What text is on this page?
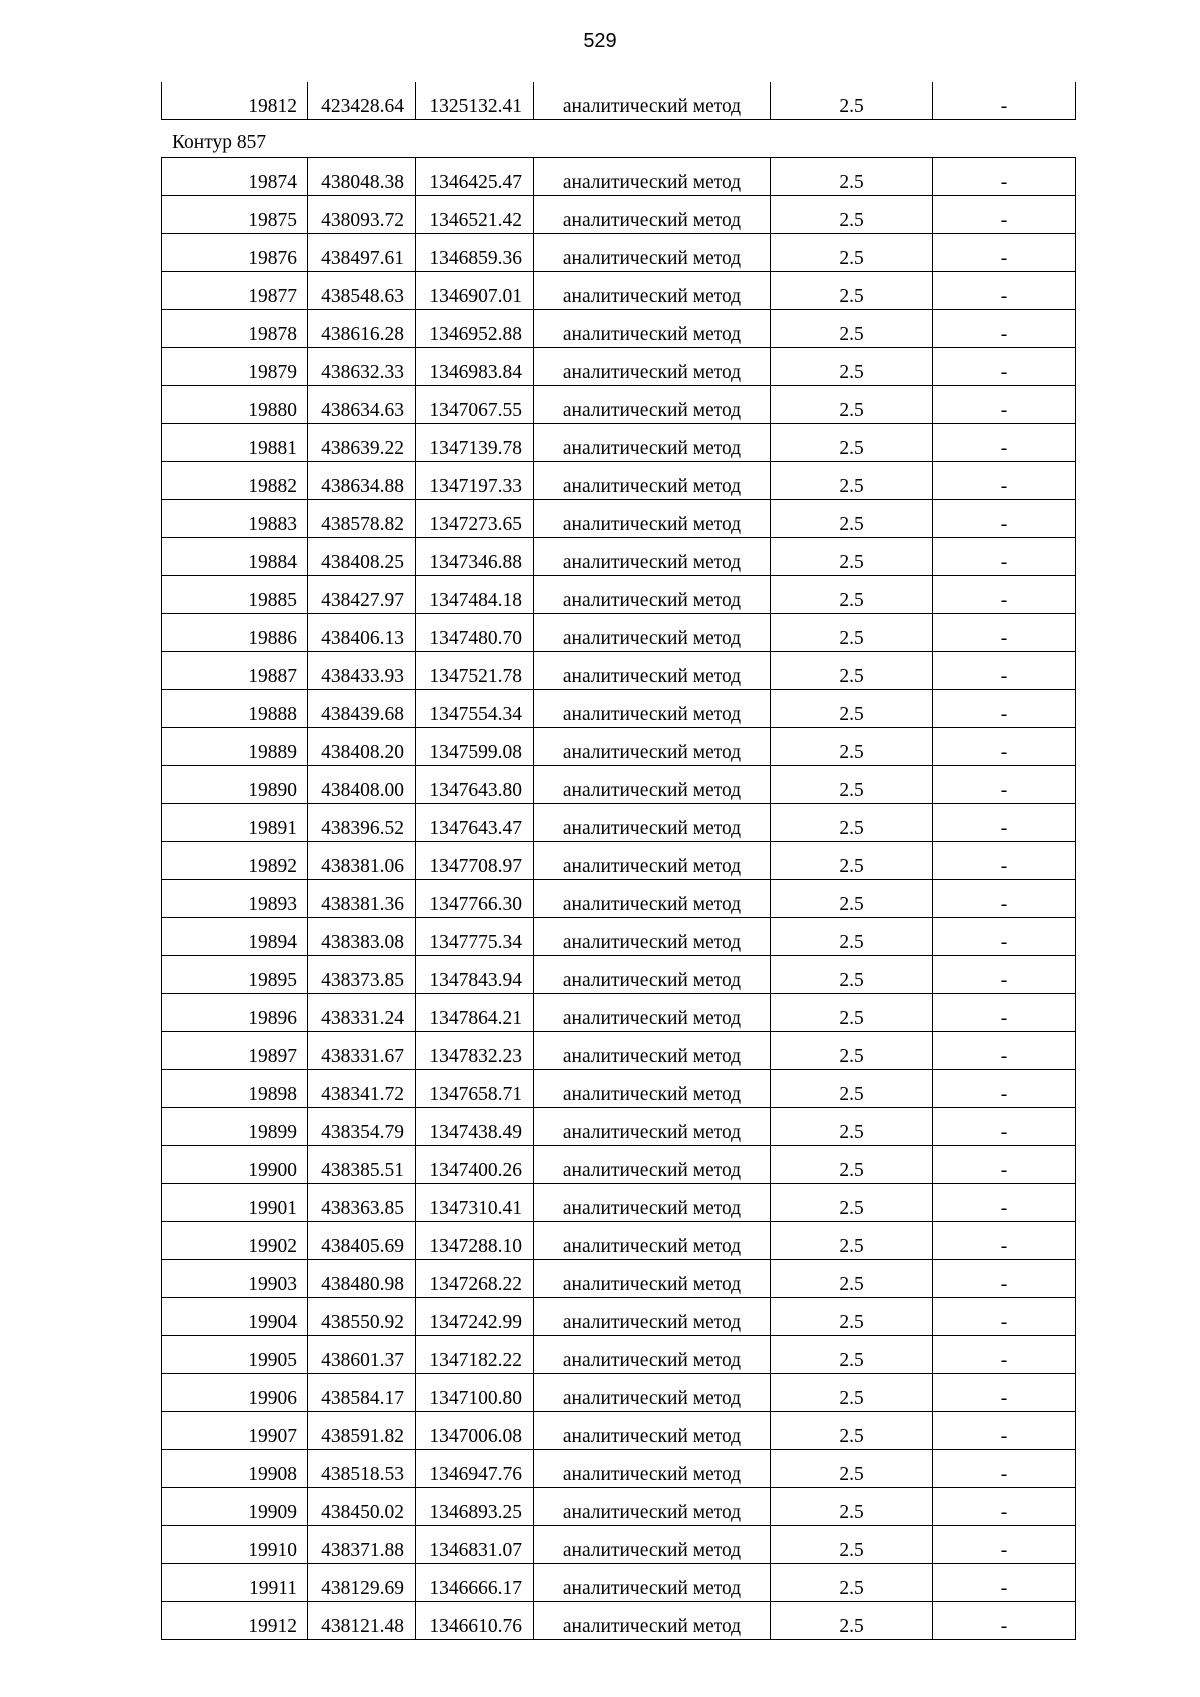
529
19812	423428.64	1325132.41	аналитический метод	2.5	-
Контур 857
19874	438048.38	1346425.47	аналитический метод	2.5	-
19875	438093.72	1346521.42	аналитический метод	2.5	-
19876	438497.61	1346859.36	аналитический метод	2.5	-
19877	438548.63	1346907.01	аналитический метод	2.5	-
19878	438616.28	1346952.88	аналитический метод	2.5	-
19879	438632.33	1346983.84	аналитический метод	2.5	-
19880	438634.63	1347067.55	аналитический метод	2.5	-
19881	438639.22	1347139.78	аналитический метод	2.5	-
19882	438634.88	1347197.33	аналитический метод	2.5	-
19883	438578.82	1347273.65	аналитический метод	2.5	-
19884	438408.25	1347346.88	аналитический метод	2.5	-
19885	438427.97	1347484.18	аналитический метод	2.5	-
19886	438406.13	1347480.70	аналитический метод	2.5	-
19887	438433.93	1347521.78	аналитический метод	2.5	-
19888	438439.68	1347554.34	аналитический метод	2.5	-
19889	438408.20	1347599.08	аналитический метод	2.5	-
19890	438408.00	1347643.80	аналитический метод	2.5	-
19891	438396.52	1347643.47	аналитический метод	2.5	-
19892	438381.06	1347708.97	аналитический метод	2.5	-
19893	438381.36	1347766.30	аналитический метод	2.5	-
19894	438383.08	1347775.34	аналитический метод	2.5	-
19895	438373.85	1347843.94	аналитический метод	2.5	-
19896	438331.24	1347864.21	аналитический метод	2.5	-
19897	438331.67	1347832.23	аналитический метод	2.5	-
19898	438341.72	1347658.71	аналитический метод	2.5	-
19899	438354.79	1347438.49	аналитический метод	2.5	-
19900	438385.51	1347400.26	аналитический метод	2.5	-
19901	438363.85	1347310.41	аналитический метод	2.5	-
19902	438405.69	1347288.10	аналитический метод	2.5	-
19903	438480.98	1347268.22	аналитический метод	2.5	-
19904	438550.92	1347242.99	аналитический метод	2.5	-
19905	438601.37	1347182.22	аналитический метод	2.5	-
19906	438584.17	1347100.80	аналитический метод	2.5	-
19907	438591.82	1347006.08	аналитический метод	2.5	-
19908	438518.53	1346947.76	аналитический метод	2.5	-
19909	438450.02	1346893.25	аналитический метод	2.5	-
19910	438371.88	1346831.07	аналитический метод	2.5	-
19911	438129.69	1346666.17	аналитический метод	2.5	-
19912	438121.48	1346610.76	аналитический метод	2.5	-
